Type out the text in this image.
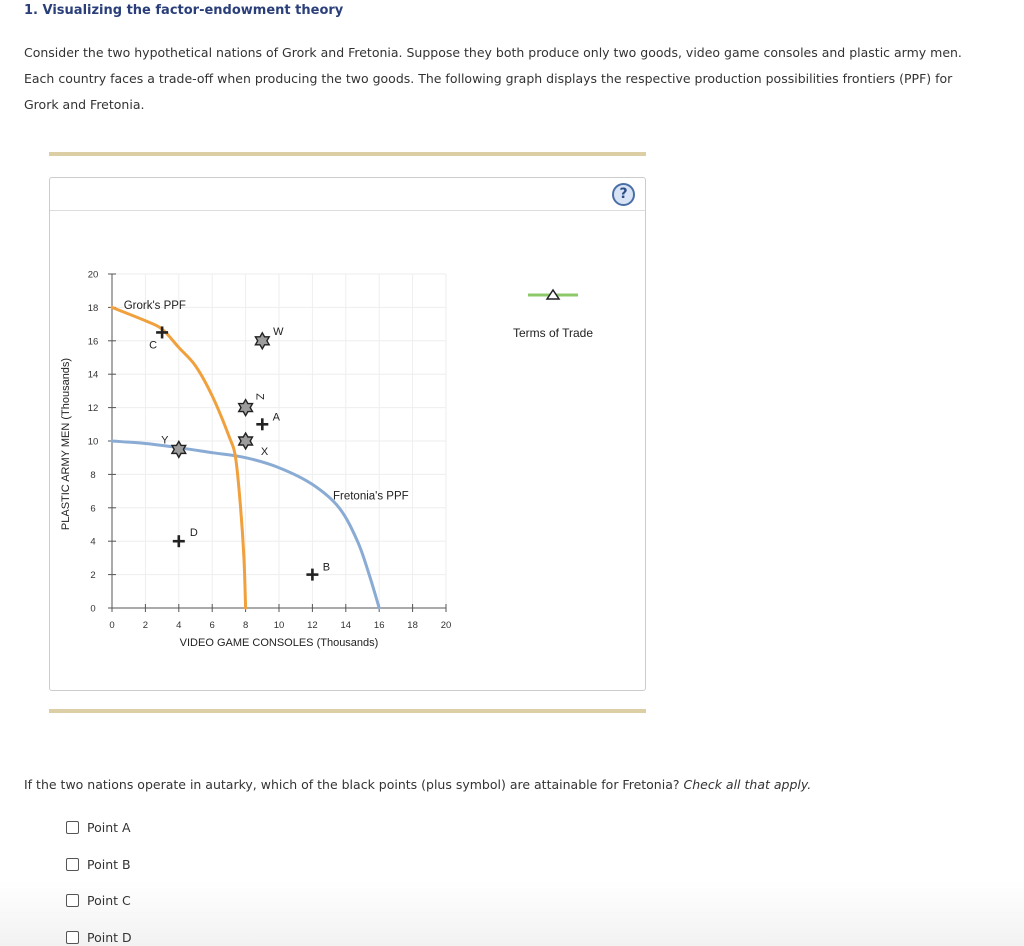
1. Visualizing the factor-endowment theory
Consider the two hypothetical nations of Grork and Fretonia. Suppose they both produce only two goods, video game consoles and plastic army men. Each country faces a trade-off when producing the two goods. The following graph displays the respective production possibilities frontiers (PPF) for Grork and Fretonia.
?
0	2	4	6	8	10 12 14 16 18 20
0
2
4
6
8
10
12
14
16
18
20
Grork's PPF
Fretonia's PPF
A
B
C
D
W
X
Y
Z
PLASTIC ARMY MEN (Thousands)
VIDEO GAME CONSOLES (Thousands)
Terms of Trade
If the two nations operate in autarky, which of the black points (plus symbol) are attainable for Fretonia? Check all that apply.
Point A
Point B
Point C
Point D
